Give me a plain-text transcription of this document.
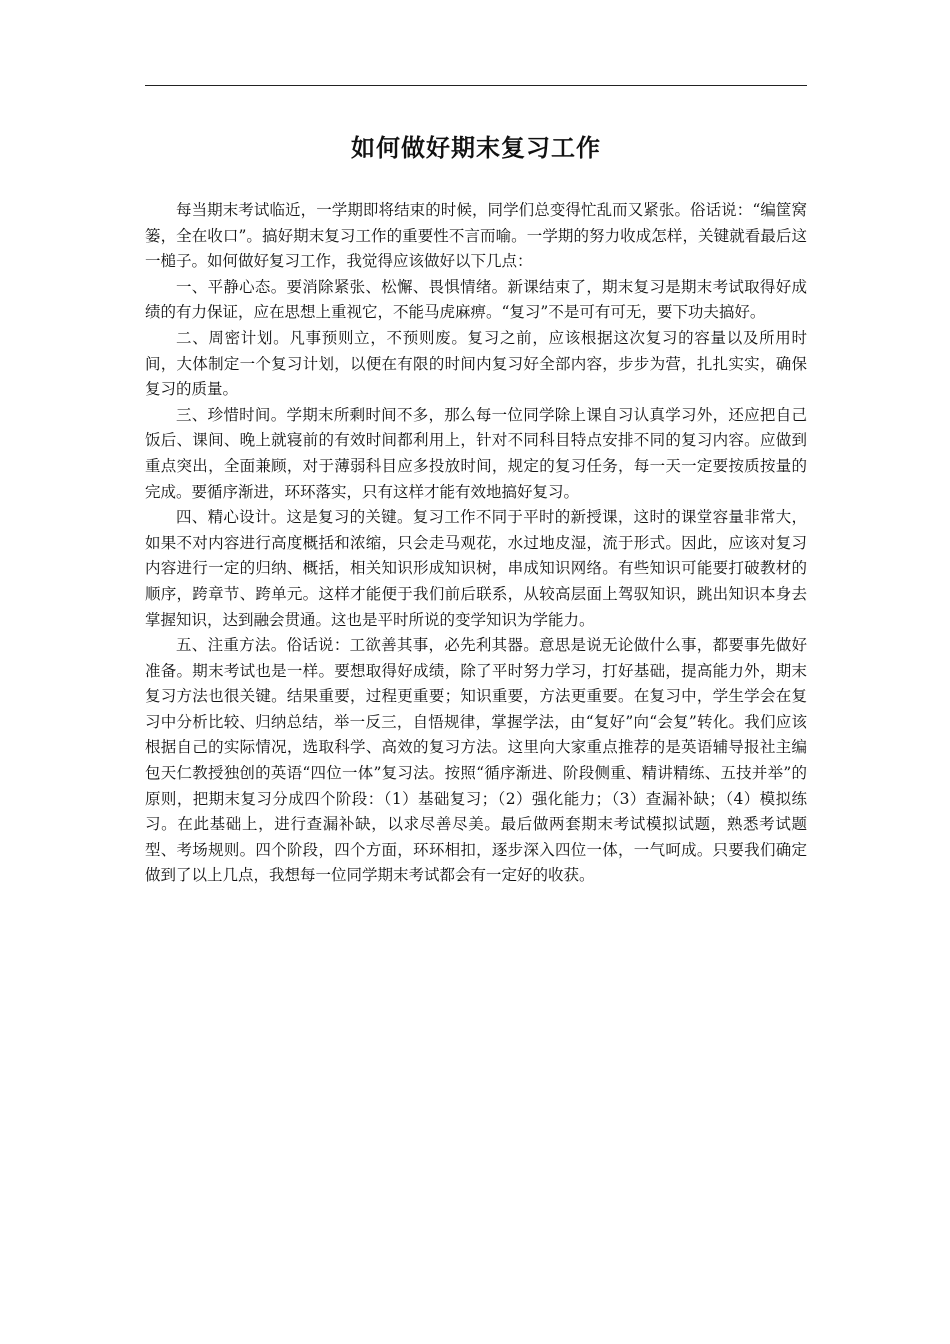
如何做好期末复习工作

每当期末考试临近，一学期即将结束的时候，同学们总变得忙乱而又紧张。俗话说：“编筐窝篓，全在收口”。搞好期末复习工作的重要性不言而喻。一学期的努力收成怎样，关键就看最后这一槌子。如何做好复习工作，我觉得应该做好以下几点：

一、平静心态。要消除紧张、松懈、畏惧情绪。新课结束了，期末复习是期末考试取得好成绩的有力保证，应在思想上重视它，不能马虎麻痹。“复习”不是可有可无，要下功夫搞好。

二、周密计划。凡事预则立，不预则废。复习之前，应该根据这次复习的容量以及所用时间，大体制定一个复习计划，以便在有限的时间内复习好全部内容，步步为营，扎扎实实，确保复习的质量。

三、珍惜时间。学期末所剩时间不多，那么每一位同学除上课自习认真学习外，还应把自己饭后、课间、晚上就寝前的有效时间都利用上，针对不同科目特点安排不同的复习内容。应做到重点突出，全面兼顾，对于薄弱科目应多投放时间，规定的复习任务，每一天一定要按质按量的完成。要循序渐进，环环落实，只有这样才能有效地搞好复习。

四、精心设计。这是复习的关键。复习工作不同于平时的新授课，这时的课堂容量非常大，如果不对内容进行高度概括和浓缩，只会走马观花，水过地皮湿，流于形式。因此，应该对复习内容进行一定的归纳、概括，相关知识形成知识树，串成知识网络。有些知识可能要打破教材的顺序，跨章节、跨单元。这样才能便于我们前后联系，从较高层面上驾驭知识，跳出知识本身去掌握知识，达到融会贯通。这也是平时所说的变学知识为学能力。

五、注重方法。俗话说：工欲善其事，必先利其器。意思是说无论做什么事，都要事先做好准备。期末考试也是一样。要想取得好成绩，除了平时努力学习，打好基础，提高能力外，期末复习方法也很关键。结果重要，过程更重要；知识重要，方法更重要。在复习中，学生学会在复习中分析比较、归纳总结，举一反三，自悟规律，掌握学法，由“复好”向“会复”转化。我们应该根据自己的实际情况，选取科学、高效的复习方法。这里向大家重点推荐的是英语辅导报社主编包天仁教授独创的英语“四位一体”复习法。按照“循序渐进、阶段侧重、精讲精练、五技并举”的原则，把期末复习分成四个阶段：（1）基础复习；（2）强化能力；（3）查漏补缺；（4）模拟练习。在此基础上，进行查漏补缺，以求尽善尽美。最后做两套期末考试模拟试题，熟悉考试题型、考场规则。四个阶段，四个方面，环环相扣，逐步深入四位一体，一气呵成。只要我们确定做到了以上几点，我想每一位同学期末考试都会有一定好的收获。
